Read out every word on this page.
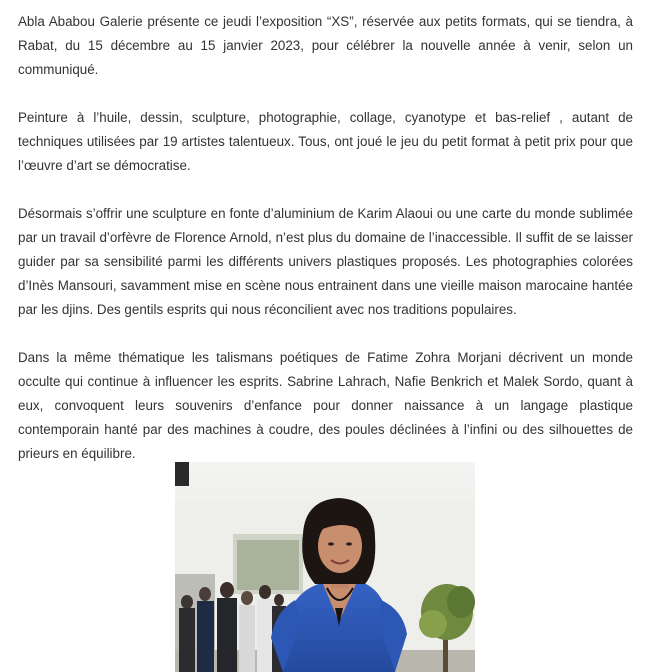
Abla Ababou Galerie présente ce jeudi l’exposition “XS”, réservée aux petits formats, qui se tiendra, à Rabat, du 15 décembre au 15 janvier 2023, pour célébrer la nouvelle année à venir, selon un communiqué.

Peinture à l’huile, dessin, sculpture, photographie, collage, cyanotype et bas-relief , autant de techniques utilisées par 19 artistes talentueux. Tous, ont joué le jeu du petit format à petit prix pour que l’œuvre d’art se démocratise.

Désormais s’offrir une sculpture en fonte d’aluminium de Karim Alaoui ou une carte du monde sublimée par un travail d’orfèvre de Florence Arnold, n’est plus du domaine de l’inaccessible. Il suffit de se laisser guider par sa sensibilité parmi les différents univers plastiques proposés. Les photographies colorées d’Inès Mansouri, savamment mise en scène nous entrainent dans une vieille maison marocaine hantée par les djins. Des gentils esprits qui nous réconcilient avec nos traditions populaires.

Dans la même thématique les talismans poétiques de Fatime Zohra Morjani décrivent un monde occulte qui continue à influencer les esprits. Sabrine Lahrach, Nafie Benkrich et Malek Sordo, quant à eux, convoquent leurs souvenirs d’enfance pour donner naissance à un langage plastique contemporain hanté par des machines à coudre, des poules déclinées à l’infini ou des silhouettes de prieurs en équilibre.
